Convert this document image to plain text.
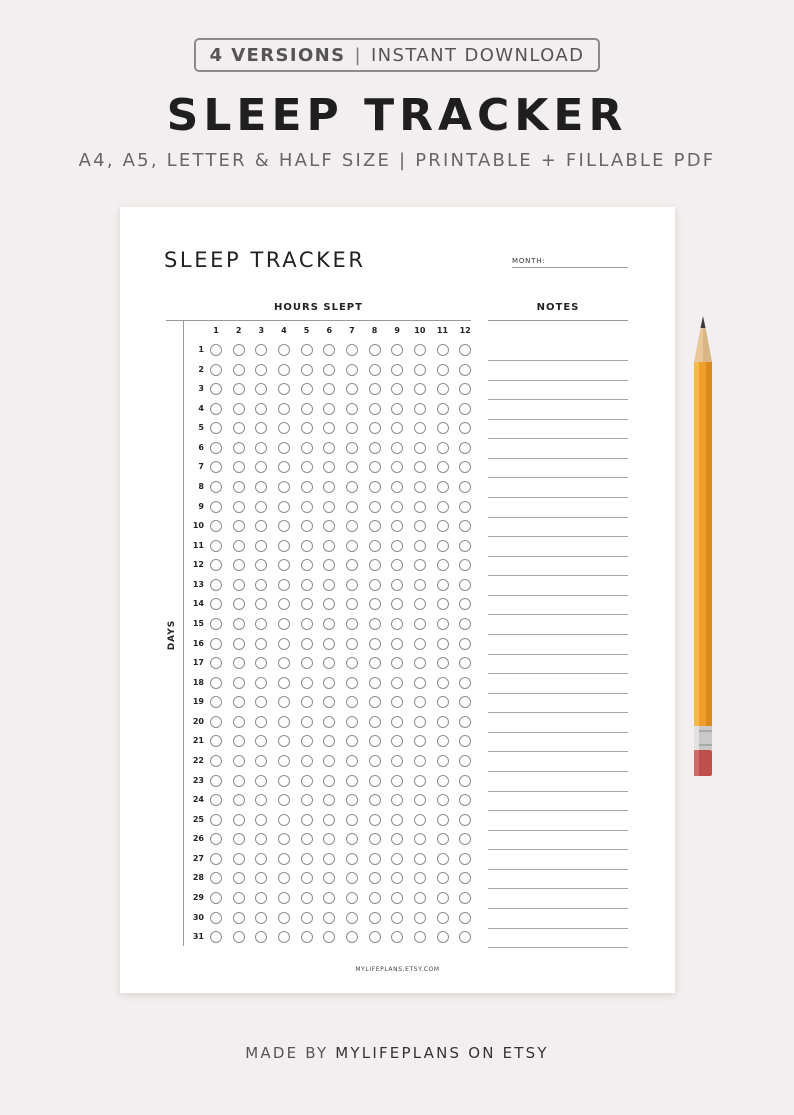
4 VERSIONS | INSTANT DOWNLOAD
SLEEP TRACKER
A4, A5, LETTER & HALF SIZE | PRINTABLE + FILLABLE PDF
SLEEP TRACKER	MONTH:
HOURS SLEPT	NOTES
DAYS
1	2	3	4	5	6	7	8	9	10	11	12
1
2
3
4
5
6
7
8
9
10
11
12
13
14
15
16
17
18
19
20
21
22
23
24
25
26
27
28
29
30
31
MYLIFEPLANS.ETSY.COM
MADE BY MYLIFEPLANS ON ETSY
